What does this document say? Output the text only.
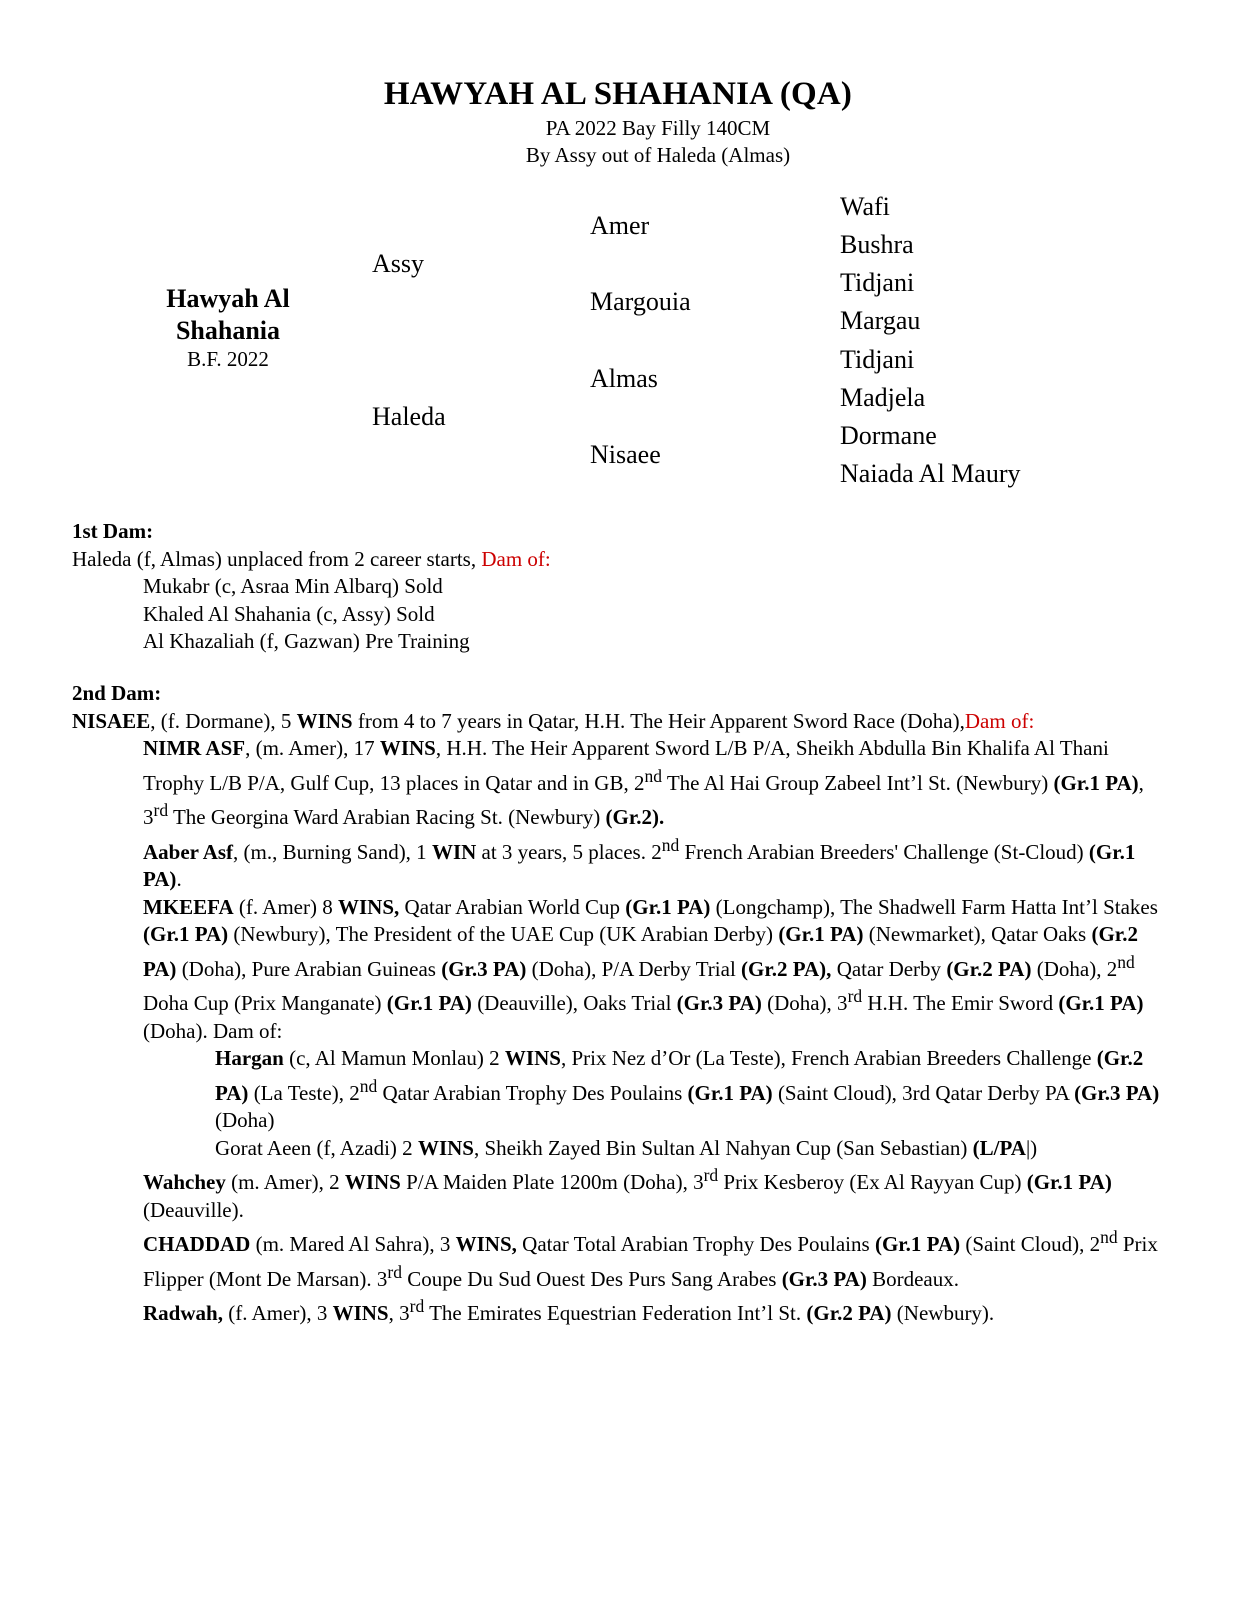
HAWYAH AL SHAHANIA (QA)
PA 2022 Bay Filly 140CM
By Assy out of Haleda (Almas)
Hawyah Al Shahania
B.F. 2022
Assy
Haleda
Amer
Margouia
Almas
Nisaee
Wafi
Bushra
Tidjani
Margau
Tidjani
Madjela
Dormane
Naiada Al Maury
1st Dam:
Haleda (f, Almas) unplaced from 2 career starts, Dam of:
Mukabr (c, Asraa Min Albarq) Sold
Khaled Al Shahania (c, Assy) Sold
Al Khazaliah (f, Gazwan) Pre Training
2nd Dam:
NISAEE, (f. Dormane), 5 WINS from 4 to 7 years in Qatar, H.H. The Heir Apparent Sword Race (Doha),Dam of:
NIMR ASF, (m. Amer), 17 WINS, H.H. The Heir Apparent Sword L/B P/A, Sheikh Abdulla Bin Khalifa Al Thani Trophy L/B P/A, Gulf Cup, 13 places in Qatar and in GB, 2nd The Al Hai Group Zabeel Int’l St. (Newbury) (Gr.1 PA), 3rd The Georgina Ward Arabian Racing St. (Newbury) (Gr.2).
Aaber Asf, (m., Burning Sand), 1 WIN at 3 years, 5 places. 2nd French Arabian Breeders' Challenge (St-Cloud) (Gr.1 PA).
MKEEFA (f. Amer) 8 WINS, Qatar Arabian World Cup (Gr.1 PA) (Longchamp), The Shadwell Farm Hatta Int’l Stakes (Gr.1 PA) (Newbury), The President of the UAE Cup (UK Arabian Derby) (Gr.1 PA) (Newmarket), Qatar Oaks (Gr.2 PA) (Doha), Pure Arabian Guineas (Gr.3 PA) (Doha), P/A Derby Trial (Gr.2 PA), Qatar Derby (Gr.2 PA) (Doha), 2nd Doha Cup (Prix Manganate) (Gr.1 PA) (Deauville), Oaks Trial (Gr.3 PA) (Doha), 3rd H.H. The Emir Sword (Gr.1 PA) (Doha). Dam of:
Hargan (c, Al Mamun Monlau) 2 WINS, Prix Nez d’Or (La Teste), French Arabian Breeders Challenge (Gr.2 PA) (La Teste), 2nd Qatar Arabian Trophy Des Poulains (Gr.1 PA) (Saint Cloud), 3rd Qatar Derby PA (Gr.3 PA) (Doha)
Gorat Aeen (f, Azadi) 2 WINS, Sheikh Zayed Bin Sultan Al Nahyan Cup (San Sebastian) (L/PA|)
Wahchey (m. Amer), 2 WINS P/A Maiden Plate 1200m (Doha), 3rd Prix Kesberoy (Ex Al Rayyan Cup) (Gr.1 PA) (Deauville).
CHADDAD (m. Mared Al Sahra), 3 WINS, Qatar Total Arabian Trophy Des Poulains (Gr.1 PA) (Saint Cloud), 2nd Prix Flipper (Mont De Marsan). 3rd Coupe Du Sud Ouest Des Purs Sang Arabes (Gr.3 PA) Bordeaux.
Radwah, (f. Amer), 3 WINS, 3rd The Emirates Equestrian Federation Int’l St. (Gr.2 PA) (Newbury).
